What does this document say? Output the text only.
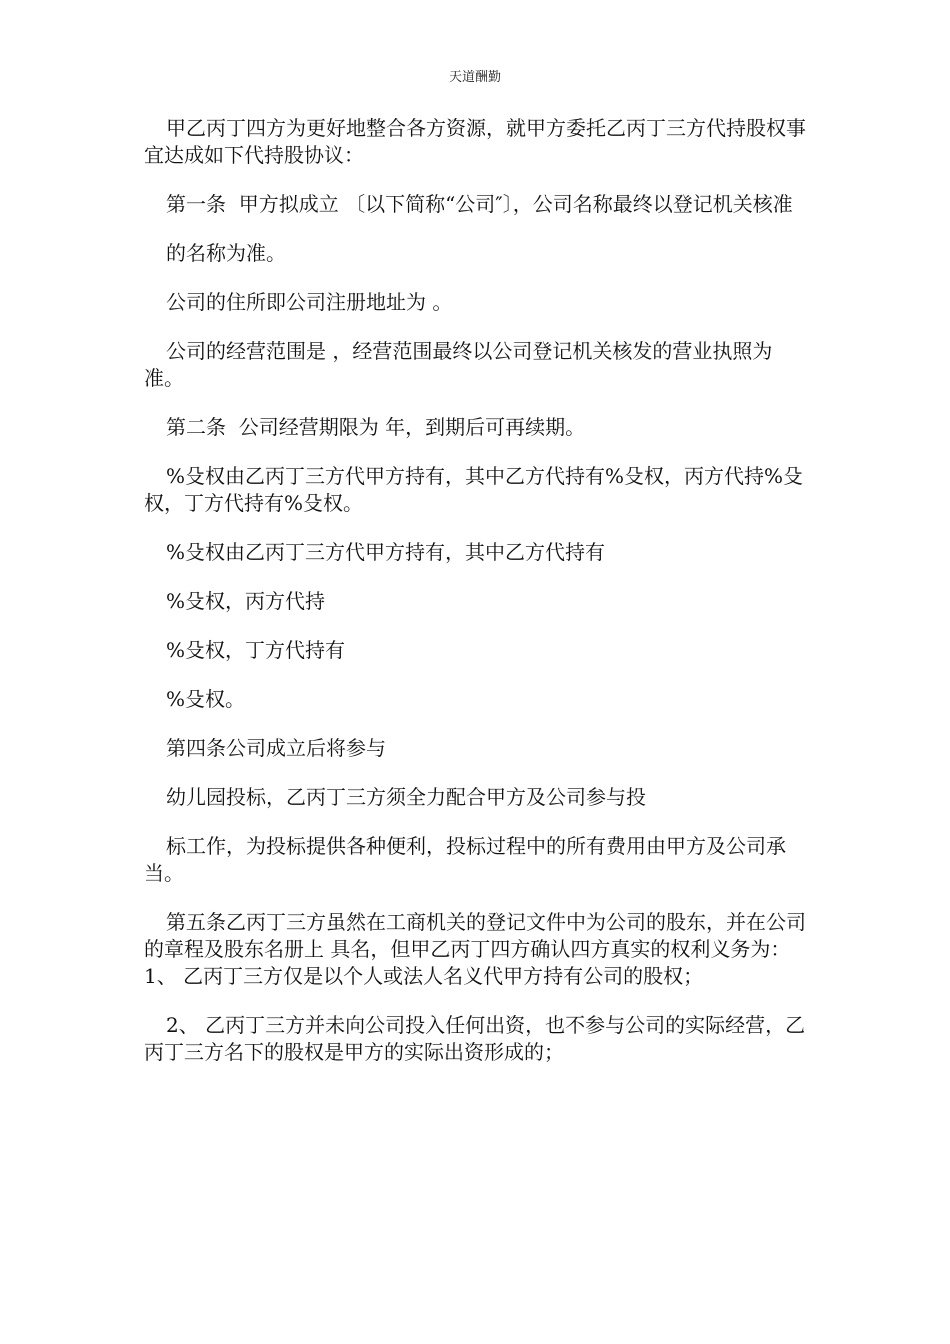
天道酬勤

甲乙丙丁四方为更好地整合各方资源，就甲方委托乙丙丁三方代持股权事宜达成如下代持股协议：

第一条  甲方拟成立 〔以下简称“公司″〕，公司名称最终以登记机关核准

的名称为准。

公司的住所即公司注册地址为 。

公司的经营范围是 ，经营范围最终以公司登记机关核发的营业执照为准。

第二条  公司经营期限为 年，到期后可再续期。

%殳权由乙丙丁三方代甲方持有，其中乙方代持有%殳权，丙方代持%殳权，丁方代持有%殳权。

%殳权由乙丙丁三方代甲方持有，其中乙方代持有

%殳权，丙方代持

%殳权，丁方代持有

%殳权。

第四条公司成立后将参与

幼儿园投标，乙丙丁三方须全力配合甲方及公司参与投

标工作，为投标提供各种便利，投标过程中的所有费用由甲方及公司承当。

第五条乙丙丁三方虽然在工商机关的登记文件中为公司的股东，并在公司的章程及股东名册上 具名，但甲乙丙丁四方确认四方真实的权利义务为：1、 乙丙丁三方仅是以个人或法人名义代甲方持有公司的股权；

2、 乙丙丁三方并未向公司投入任何出资，也不参与公司的实际经营，乙丙丁三方名下的股权是甲方的实际出资形成的；
